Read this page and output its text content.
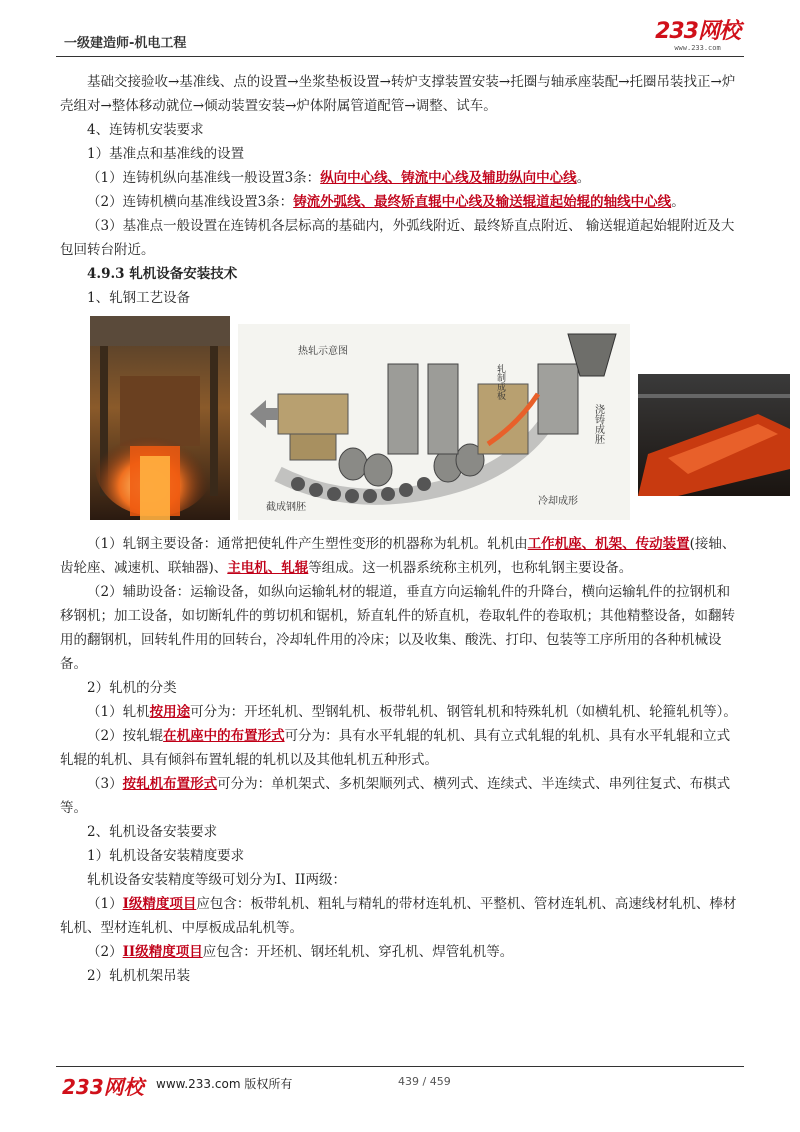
一级建造师-机电工程	233网校
www.233.com

基础交接验收→基准线、点的设置→坐浆垫板设置→转炉支撑装置安装→托圈与轴承座装配→托圈吊装找正→炉壳组对→整体移动就位→倾动装置安装→炉体附属管道配管→调整、试车。

4、连铸机安装要求

1）基准点和基准线的设置

（1）连铸机纵向基准线一般设置3条：纵向中心线、铸流中心线及辅助纵向中心线。

（2）连铸机横向基准线设置3条：铸流外弧线、最终矫直辊中心线及输送辊道起始辊的轴线中心线。

（3）基准点一般设置在连铸机各层标高的基础内，外弧线附近、最终矫直点附近、 输送辊道起始辊附近及大包回转台附近。

4.9.3 轧机设备安装技术

1、轧钢工艺设备

热轧示意图
浇铸成胚
轧制成板
冷却成形
截成钢胚

（1）轧钢主要设备：通常把使轧件产生塑性变形的机器称为轧机。轧机由工作机座、机架、传动装置(接轴、齿轮座、减速机、联轴器)、主电机、轧辊等组成。这一机器系统称主机列，也称轧钢主要设备。

（2）辅助设备：运输设备，如纵向运输轧材的辊道，垂直方向运输轧件的升降台，横向运输轧件的拉钢机和移钢机；加工设备，如切断轧件的剪切机和锯机，矫直轧件的矫直机，卷取轧件的卷取机；其他精整设备，如翻转用的翻钢机，回转轧件用的回转台，冷却轧件用的冷床；以及收集、酸洗、打印、包装等工序所用的各种机械设备。

2）轧机的分类

（1）轧机按用途可分为：开坯轧机、型钢轧机、板带轧机、钢管轧机和特殊轧机（如横轧机、轮箍轧机等）。

（2）按轧辊在机座中的布置形式可分为：具有水平轧辊的轧机、具有立式轧辊的轧机、具有水平轧辊和立式轧辊的轧机、具有倾斜布置轧辊的轧机以及其他轧机五种形式。

（3）按轧机布置形式可分为：单机架式、多机架顺列式、横列式、连续式、半连续式、串列往复式、布棋式等。

2、轧机设备安装要求

1）轧机设备安装精度要求

轧机设备安装精度等级可划分为I、II两级：

（1）I级精度项目应包含：板带轧机、粗轧与精轧的带材连轧机、平整机、管材连轧机、高速线材轧机、棒材轧机、型材连轧机、中厚板成品轧机等。

（2）II级精度项目应包含：开坯机、钢坯轧机、穿孔机、焊管轧机等。

2）轧机机架吊装

233网校 www.233.com 版权所有	439 / 459
